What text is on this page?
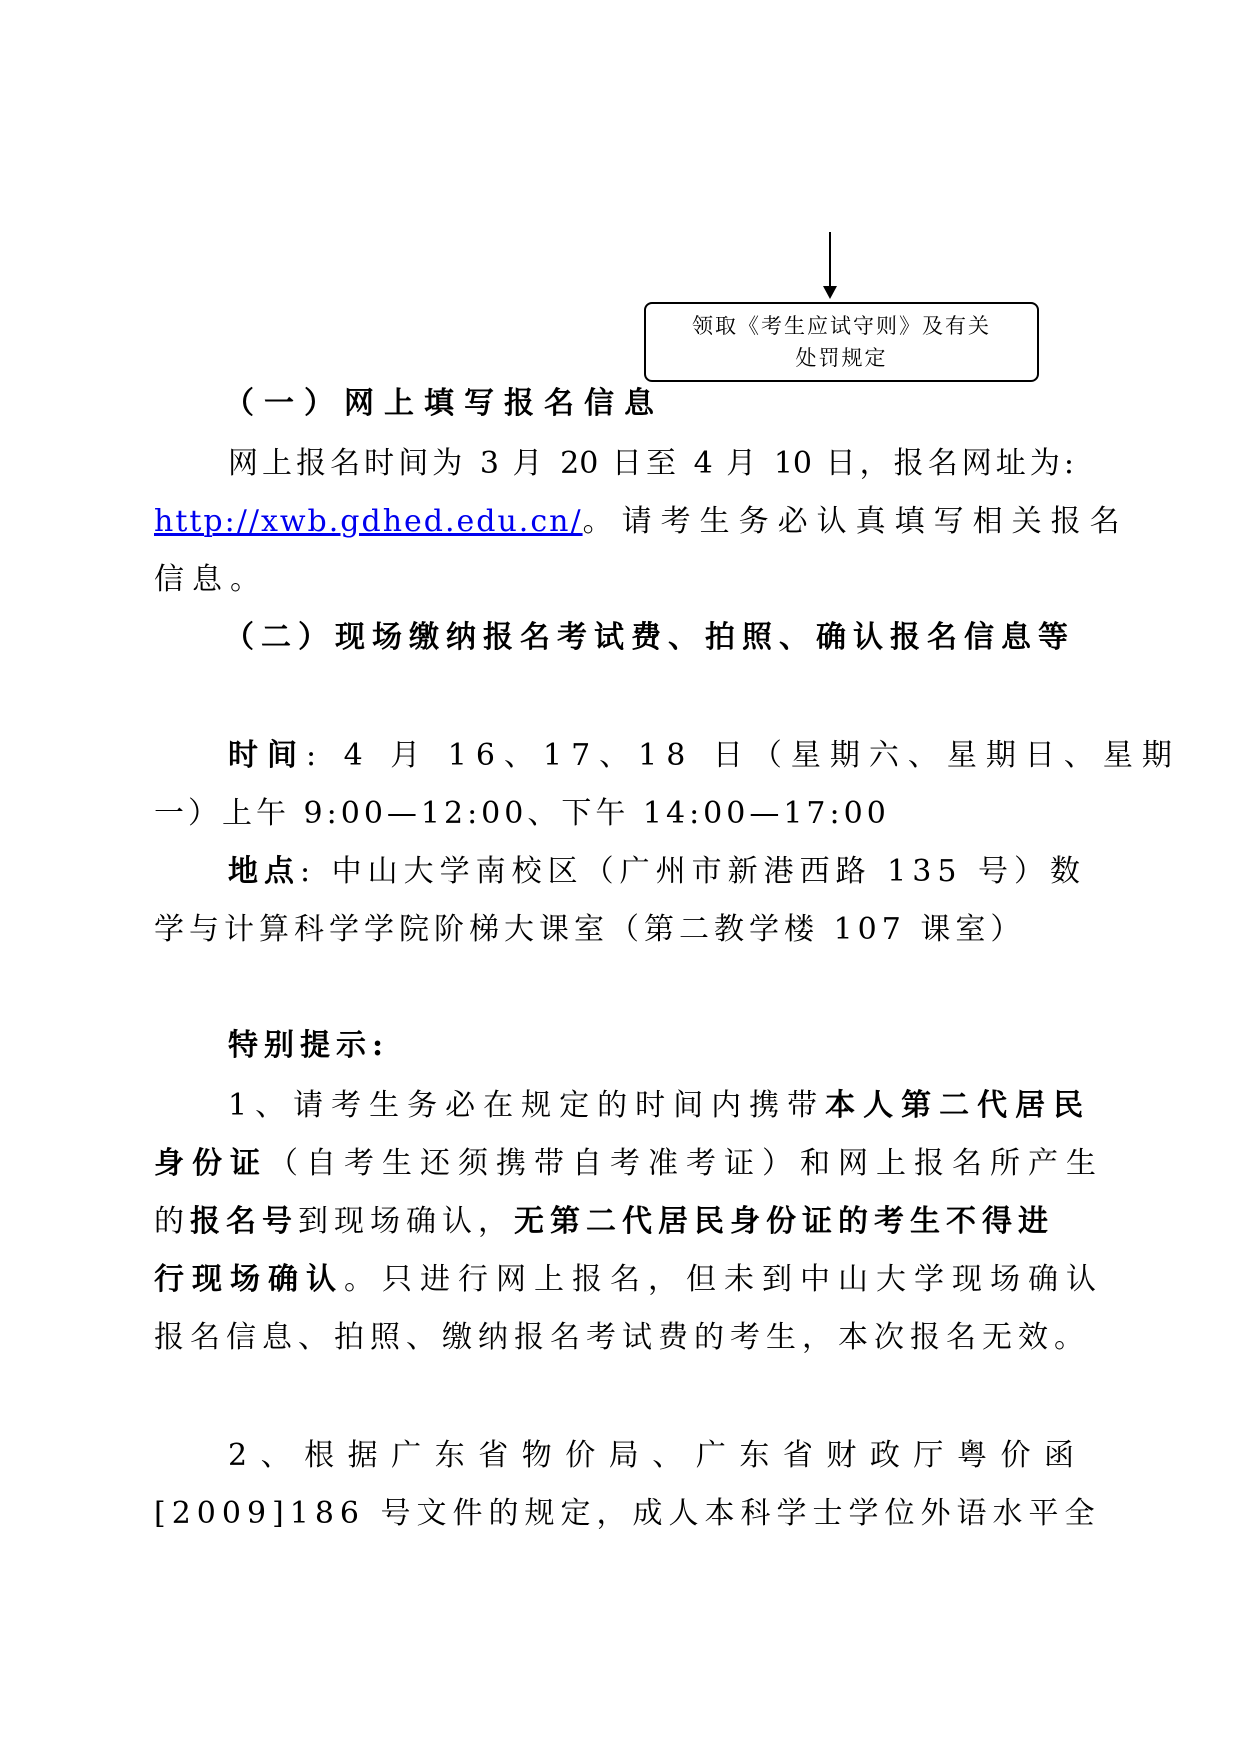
领取《考生应试守则》及有关
处罚规定
（一）网上填写报名信息
网上报名时间为 3 月 20 日至 4 月 10 日，报名网址为:
http://xwb.gdhed.edu.cn/。请考生务必认真填写相关报名
信息。
（二）现场缴纳报名考试费、拍照、确认报名信息等
时间: 4 月 16、17、18 日（星期六、星期日、星期
一）上午 9:00—12:00、下午 14:00—17:00
地点: 中山大学南校区（广州市新港西路 135 号）数
学与计算科学学院阶梯大课室（第二教学楼 107 课室）
特别提示:
1、请考生务必在规定的时间内携带本人第二代居民
身份证（自考生还须携带自考准考证）和网上报名所产生
的报名号到现场确认，无第二代居民身份证的考生不得进
行现场确认。只进行网上报名，但未到中山大学现场确认
报名信息、拍照、缴纳报名考试费的考生，本次报名无效。
2、根据广东省物价局、广东省财政厅粤价函
[2009]186 号文件的规定，成人本科学士学位外语水平全
